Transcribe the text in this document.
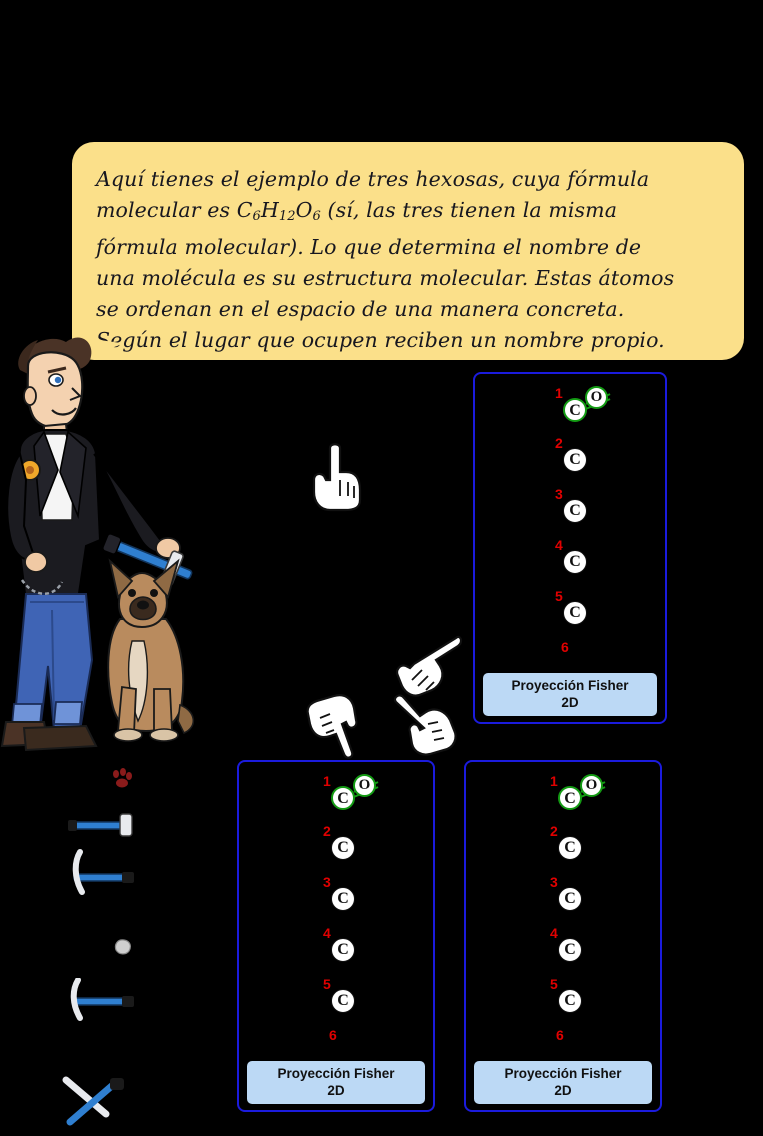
Aquí tienes el ejemplo de tres hexosas, cuya fórmula
molecular es $C_6H_{12}O_6$ (sí, las tres tienen la misma
fórmula molecular). Lo que determina el nombre de
una molécula es su estructura molecular. Estas átomos
se ordenan en el espacio de una manera concreta.
Según el lugar que ocupen reciben un nombre propio.
1
C
O
2
C
3
C
4
C
5
C
6
Proyección Fisher
2D
1
C
O
2
C
3
C
4
C
5
C
6
Proyección Fisher
2D
1
C
O
2
C
3
C
4
C
5
C
6
Proyección Fisher
2D
